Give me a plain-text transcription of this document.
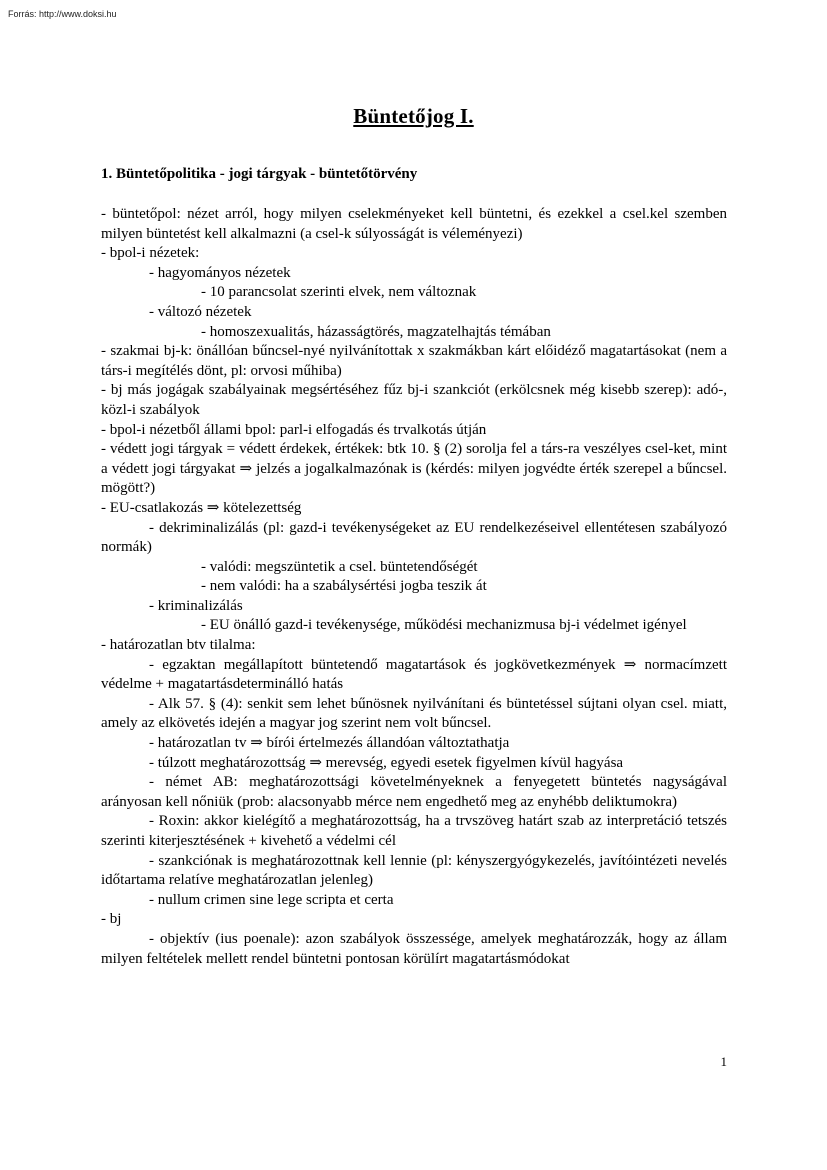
Forrás: http://www.doksi.hu
Büntetőjog I.
1. Büntetőpolitika - jogi tárgyak - büntetőtörvény

- büntetőpol: nézet arról, hogy milyen cselekményeket kell büntetni, és ezekkel a csel.kel szemben milyen büntetést kell alkalmazni (a csel-k súlyosságát is véleményezi)

- bpol-i nézetek:

- hagyományos nézetek

- 10 parancsolat szerinti elvek, nem változnak

- változó nézetek

- homoszexualitás, házasságtörés, magzatelhajtás témában

- szakmai bj-k: önállóan bűncsel-nyé nyilvánítottak x szakmákban kárt előidéző magatartásokat (nem a társ-i megítélés dönt, pl: orvosi műhiba)

- bj más jogágak szabályainak megsértéséhez fűz bj-i szankciót (erkölcsnek még kisebb szerep): adó-, közl-i szabályok

- bpol-i nézetből állami bpol: parl-i elfogadás és trvalkotás útján

- védett jogi tárgyak = védett érdekek, értékek: btk 10. § (2) sorolja fel a társ-ra veszélyes csel-ket, mint a védett jogi tárgyakat ⇒ jelzés a jogalkalmazónak is (kérdés: milyen jogvédte érték szerepel a bűncsel. mögött?)

- EU-csatlakozás ⇒ kötelezettség

- dekriminalizálás (pl: gazd-i tevékenységeket az EU rendelkezéseivel ellentétesen szabályozó normák)

- valódi: megszüntetik a csel. büntetendőségét

- nem valódi: ha a szabálysértési jogba teszik át

- kriminalizálás

- EU önálló gazd-i tevékenysége, működési mechanizmusa bj-i védelmet igényel

- határozatlan btv tilalma:

- egzaktan megállapított büntetendő magatartások és jogkövetkezmények ⇒ normacímzett védelme + magatartásdeterminálló hatás

- Alk 57. § (4): senkit sem lehet bűnösnek nyilvánítani és büntetéssel sújtani olyan csel. miatt, amely az elkövetés idején a magyar jog szerint nem volt bűncsel.

- határozatlan tv ⇒ bírói értelmezés állandóan változtathatja

- túlzott meghatározottság ⇒ merevség, egyedi esetek figyelmen kívül hagyása

- német AB: meghatározottsági követelményeknek a fenyegetett büntetés nagyságával arányosan kell nőniük (prob: alacsonyabb mérce nem engedhető meg az enyhébb deliktumokra)

- Roxin: akkor kielégítő a meghatározottság, ha a trvszöveg határt szab az interpretáció tetszés szerinti kiterjesztésének + kivehető a védelmi cél

- szankciónak is meghatározottnak kell lennie (pl: kényszergyógykezelés, javítóintézeti nevelés időtartama relatíve meghatározatlan jelenleg)

- nullum crimen sine lege scripta et certa

- bj

- objektív (ius poenale): azon szabályok összessége, amelyek meghatározzák, hogy az állam milyen feltételek mellett rendel büntetni pontosan körülírt magatartásmódokat

1
